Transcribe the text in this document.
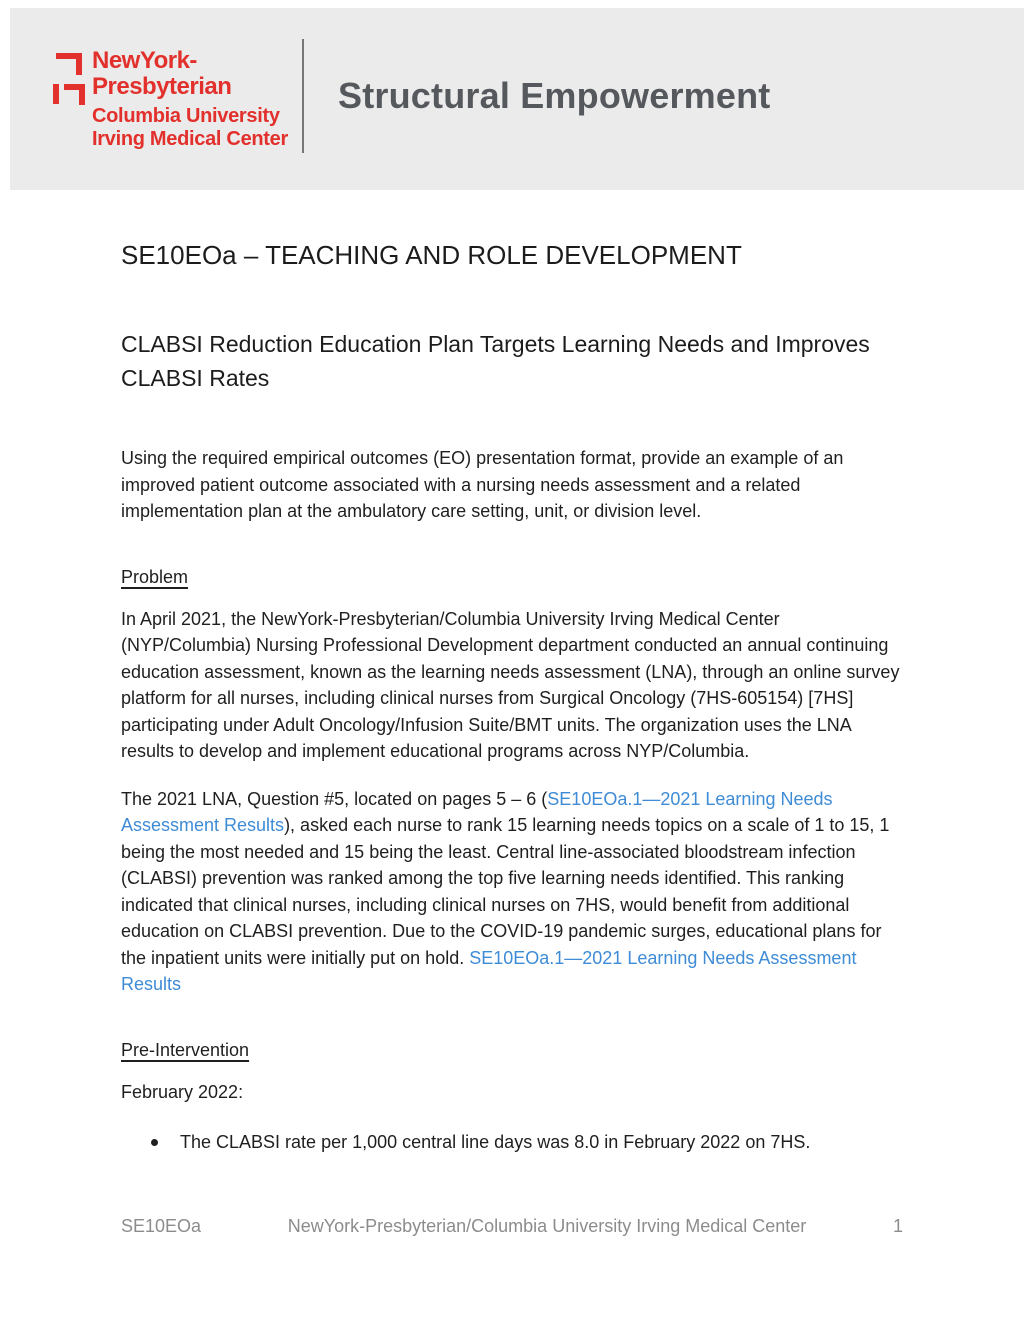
NewYork-
Presbyterian
Columbia University
Irving Medical Center
Structural Empowerment
SE10EOa – TEACHING AND ROLE DEVELOPMENT
CLABSI Reduction Education Plan Targets Learning Needs and Improves CLABSI Rates

Using the required empirical outcomes (EO) presentation format, provide an example of an improved patient outcome associated with a nursing needs assessment and a related implementation plan at the ambulatory care setting, unit, or division level.

Problem

In April 2021, the NewYork-Presbyterian/Columbia University Irving Medical Center (NYP/Columbia) Nursing Professional Development department conducted an annual continuing education assessment, known as the learning needs assessment (LNA), through an online survey platform for all nurses, including clinical nurses from Surgical Oncology (7HS-605154) [7HS] participating under Adult Oncology/Infusion Suite/BMT units. The organization uses the LNA results to develop and implement educational programs across NYP/Columbia.

The 2021 LNA, Question #5, located on pages 5 – 6 (SE10EOa.1—2021 Learning Needs Assessment Results), asked each nurse to rank 15 learning needs topics on a scale of 1 to 15, 1 being the most needed and 15 being the least. Central line-associated bloodstream infection (CLABSI) prevention was ranked among the top five learning needs identified. This ranking indicated that clinical nurses, including clinical nurses on 7HS, would benefit from additional education on CLABSI prevention. Due to the COVID-19 pandemic surges, educational plans for the inpatient units were initially put on hold. SE10EOa.1—2021 Learning Needs Assessment Results

Pre-Intervention

February 2022:

The CLABSI rate per 1,000 central line days was 8.0 in February 2022 on 7HS.
SE10EOa	NewYork-Presbyterian/Columbia University Irving Medical Center	1
